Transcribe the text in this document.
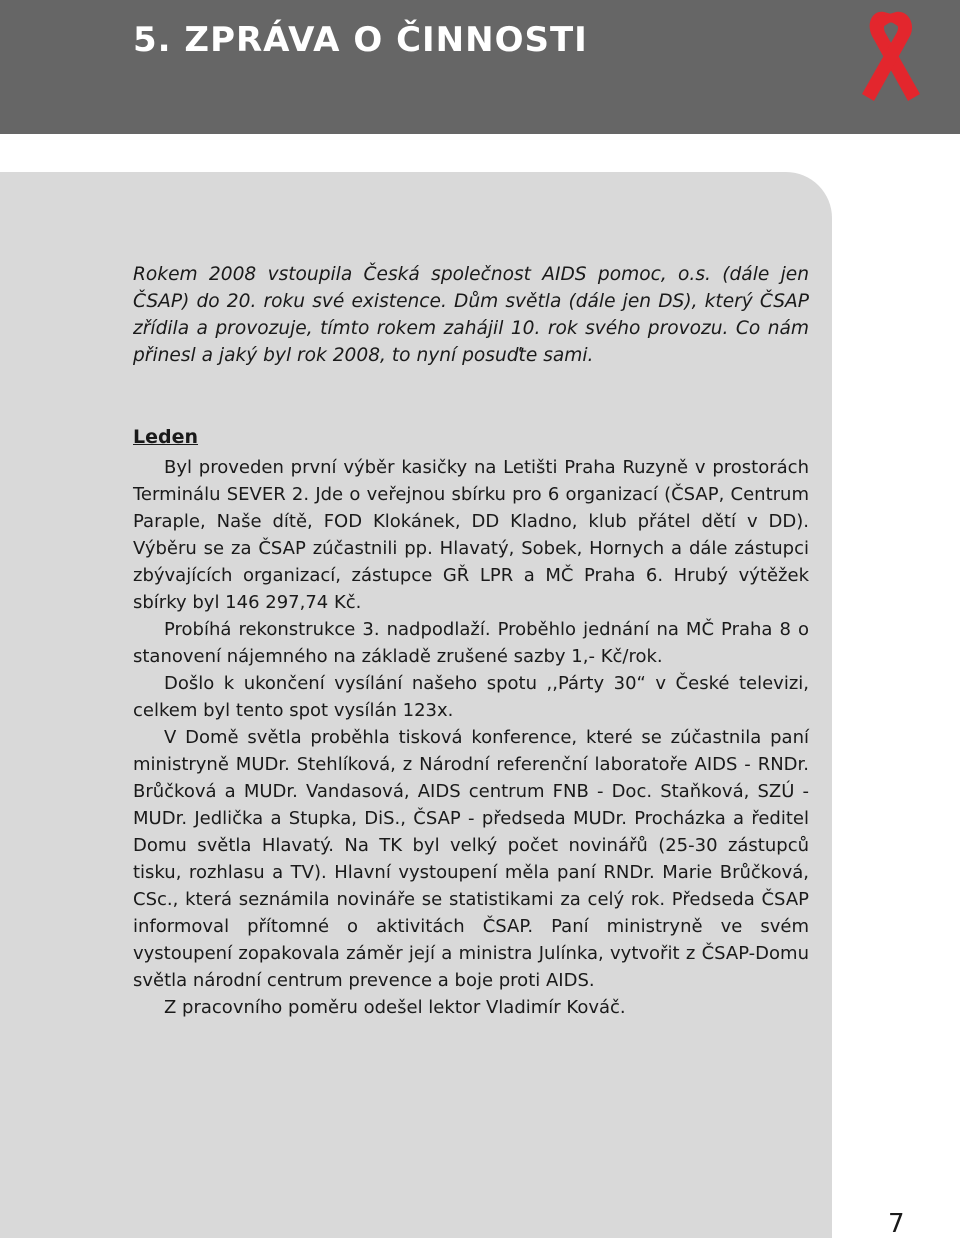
5. ZPRÁVA O ČINNOSTI

Rokem 2008 vstoupila Česká společnost AIDS pomoc, o.s. (dále jen ČSAP) do 20. roku své existence. Dům světla (dále jen DS), který ČSAP zřídila a provozuje, tímto rokem zahájil 10. rok svého provozu. Co nám přinesl a jaký byl rok 2008, to nyní posuďte sami.

Leden

Byl proveden první výběr kasičky na Letišti Praha Ruzyně v prostorách Terminálu SEVER 2. Jde o veřejnou sbírku pro 6 organizací (ČSAP, Centrum Paraple, Naše dítě, FOD Klokánek, DD Kladno, klub přátel dětí v DD). Výběru se za ČSAP zúčastnili pp. Hlavatý, Sobek, Hornych a dále zástupci zbývajících organizací, zástupce GŘ LPR a MČ Praha 6. Hrubý výtěžek sbírky byl 146 297,74 Kč.

Probíhá rekonstrukce 3. nadpodlaží. Proběhlo jednání na MČ Praha 8 o stanovení nájemného na základě zrušené sazby 1,- Kč/rok.

Došlo k ukončení vysílání našeho spotu ,,Párty 30“ v České televizi, celkem byl tento spot vysílán 123x.

V Domě světla proběhla tisková konference, které se zúčastnila paní ministryně MUDr. Stehlíková, z Národní referenční laboratoře AIDS - RNDr. Brůčková a MUDr. Vandasová, AIDS centrum FNB - Doc. Staňková, SZÚ - MUDr. Jedlička a Stupka, DiS., ČSAP - předseda MUDr. Procházka a ředitel Domu světla Hlavatý. Na TK byl velký počet novinářů (25-30 zástupců tisku, rozhlasu a TV). Hlavní vystoupení měla paní RNDr. Marie Brůčková, CSc., která seznámila novináře se statistikami za celý rok. Předseda ČSAP informoval přítomné o aktivitách ČSAP. Paní ministryně ve svém vystoupení zopakovala záměr její a ministra Julínka, vytvořit z ČSAP-Domu světla národní centrum prevence a boje proti AIDS.

Z pracovního poměru odešel lektor Vladimír Kováč.

7
